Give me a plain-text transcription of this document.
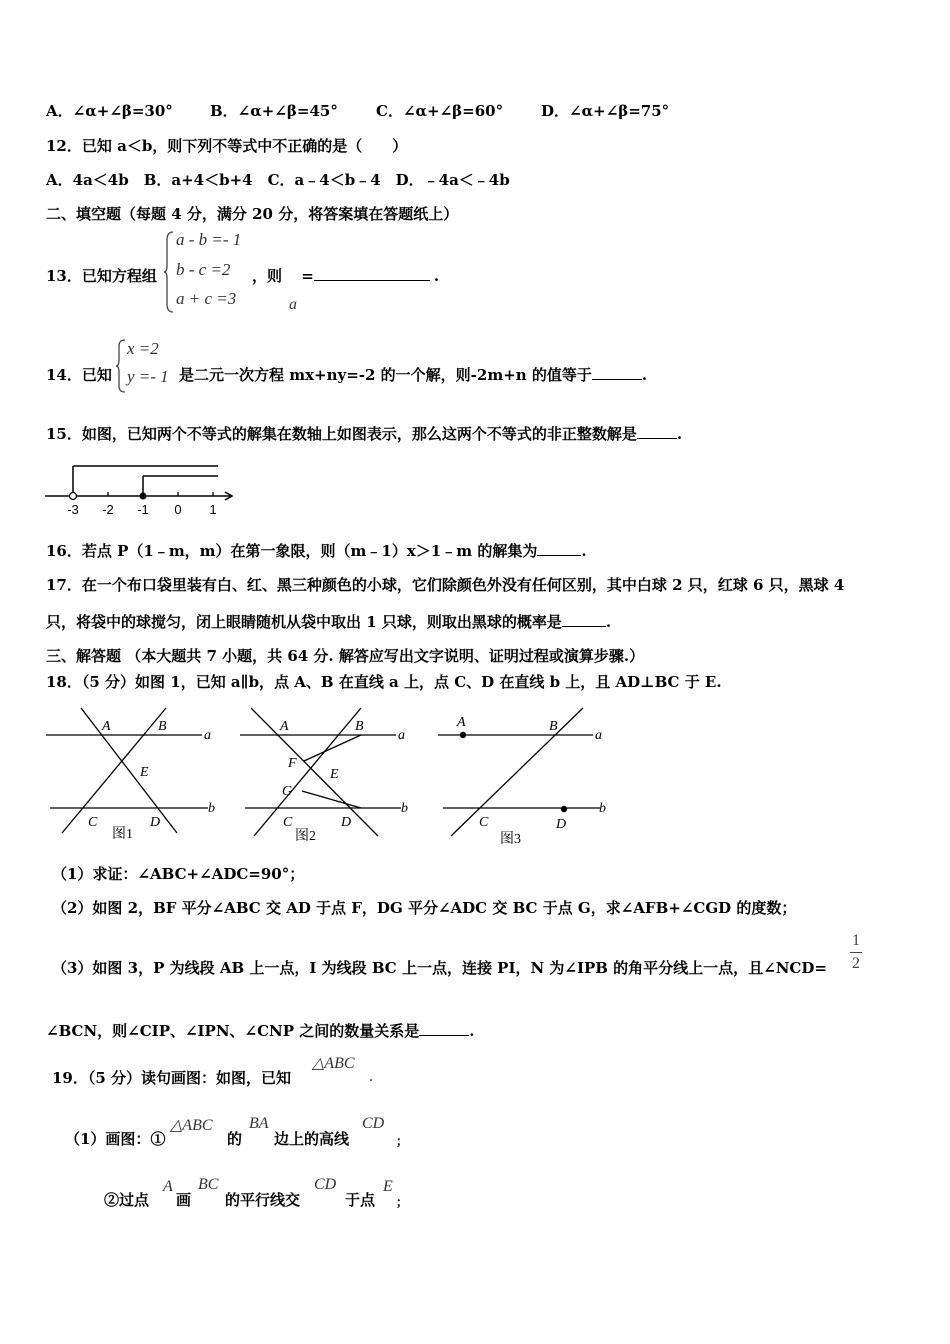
A．∠α+∠β=30° B．∠α+∠β=45°	C．∠α+∠β=60°	D．∠α+∠β=75°
12．已知 a＜b，则下列不等式中不正确的是（　　）
A．4a＜4b　B．a+4＜b+4　C．a﹣4＜b﹣4　D．﹣4a＜﹣4b
二、填空题（每题 4 分，满分 20 分，将答案填在答题纸上）
13．已知方程组
a - b =- 1
b - c =2
a + c =3
，则 =	.
a
14．已知
x =2
y =- 1 是二元一次方程 mx+ny=-2 的一个解，则-2m+n 的值等于	.
15．如图，已知两个不等式的解集在数轴上如图表示，那么这两个不等式的非正整数解是	.
-3 -2 -1 0 1
16．若点 P（1﹣m，m）在第一象限，则（m﹣1）x＞1﹣m 的解集为	.
17．在一个布口袋里装有白、红、黑三种颜色的小球，它们除颜色外没有任何区别，其中白球 2 只，红球 6 只，黑球 4
只，将袋中的球搅匀，闭上眼睛随机从袋中取出 1 只球，则取出黑球的概率是	.
三、解答题 （本大题共 7 小题，共 64 分. 解答应写出文字说明、证明过程或演算步骤.）
18．（5 分）如图 1，已知 a∥b，点 A、B 在直线 a 上，点 C、D 在直线 b 上，且 AD⊥BC 于 E.
A	B
a
E
C	D
b
图1
A	B
a
F
E
G
C	D
b
图2
A	B
a
C	D
b
图3
（1）求证：∠ABC+∠ADC=90°；
（2）如图 2，BF 平分∠ABC 交 AD 于点 F，DG 平分∠ADC 交 BC 于点 G，求∠AFB+∠CGD 的度数；
（3）如图 3，P 为线段 AB 上一点，I 为线段 BC 上一点，连接 PI，N 为∠IPB 的角平分线上一点，且∠NCD=
1
2
∠BCN，则∠CIP、∠IPN、∠CNP 之间的数量关系是	.
19．（5 分）读句画图：如图，已知
△ABC
.
（1）画图：①
△ABC
的
BA
边上的高线
CD
；
②过点
A
画
BC
的平行线交
CD
于点
E
；
